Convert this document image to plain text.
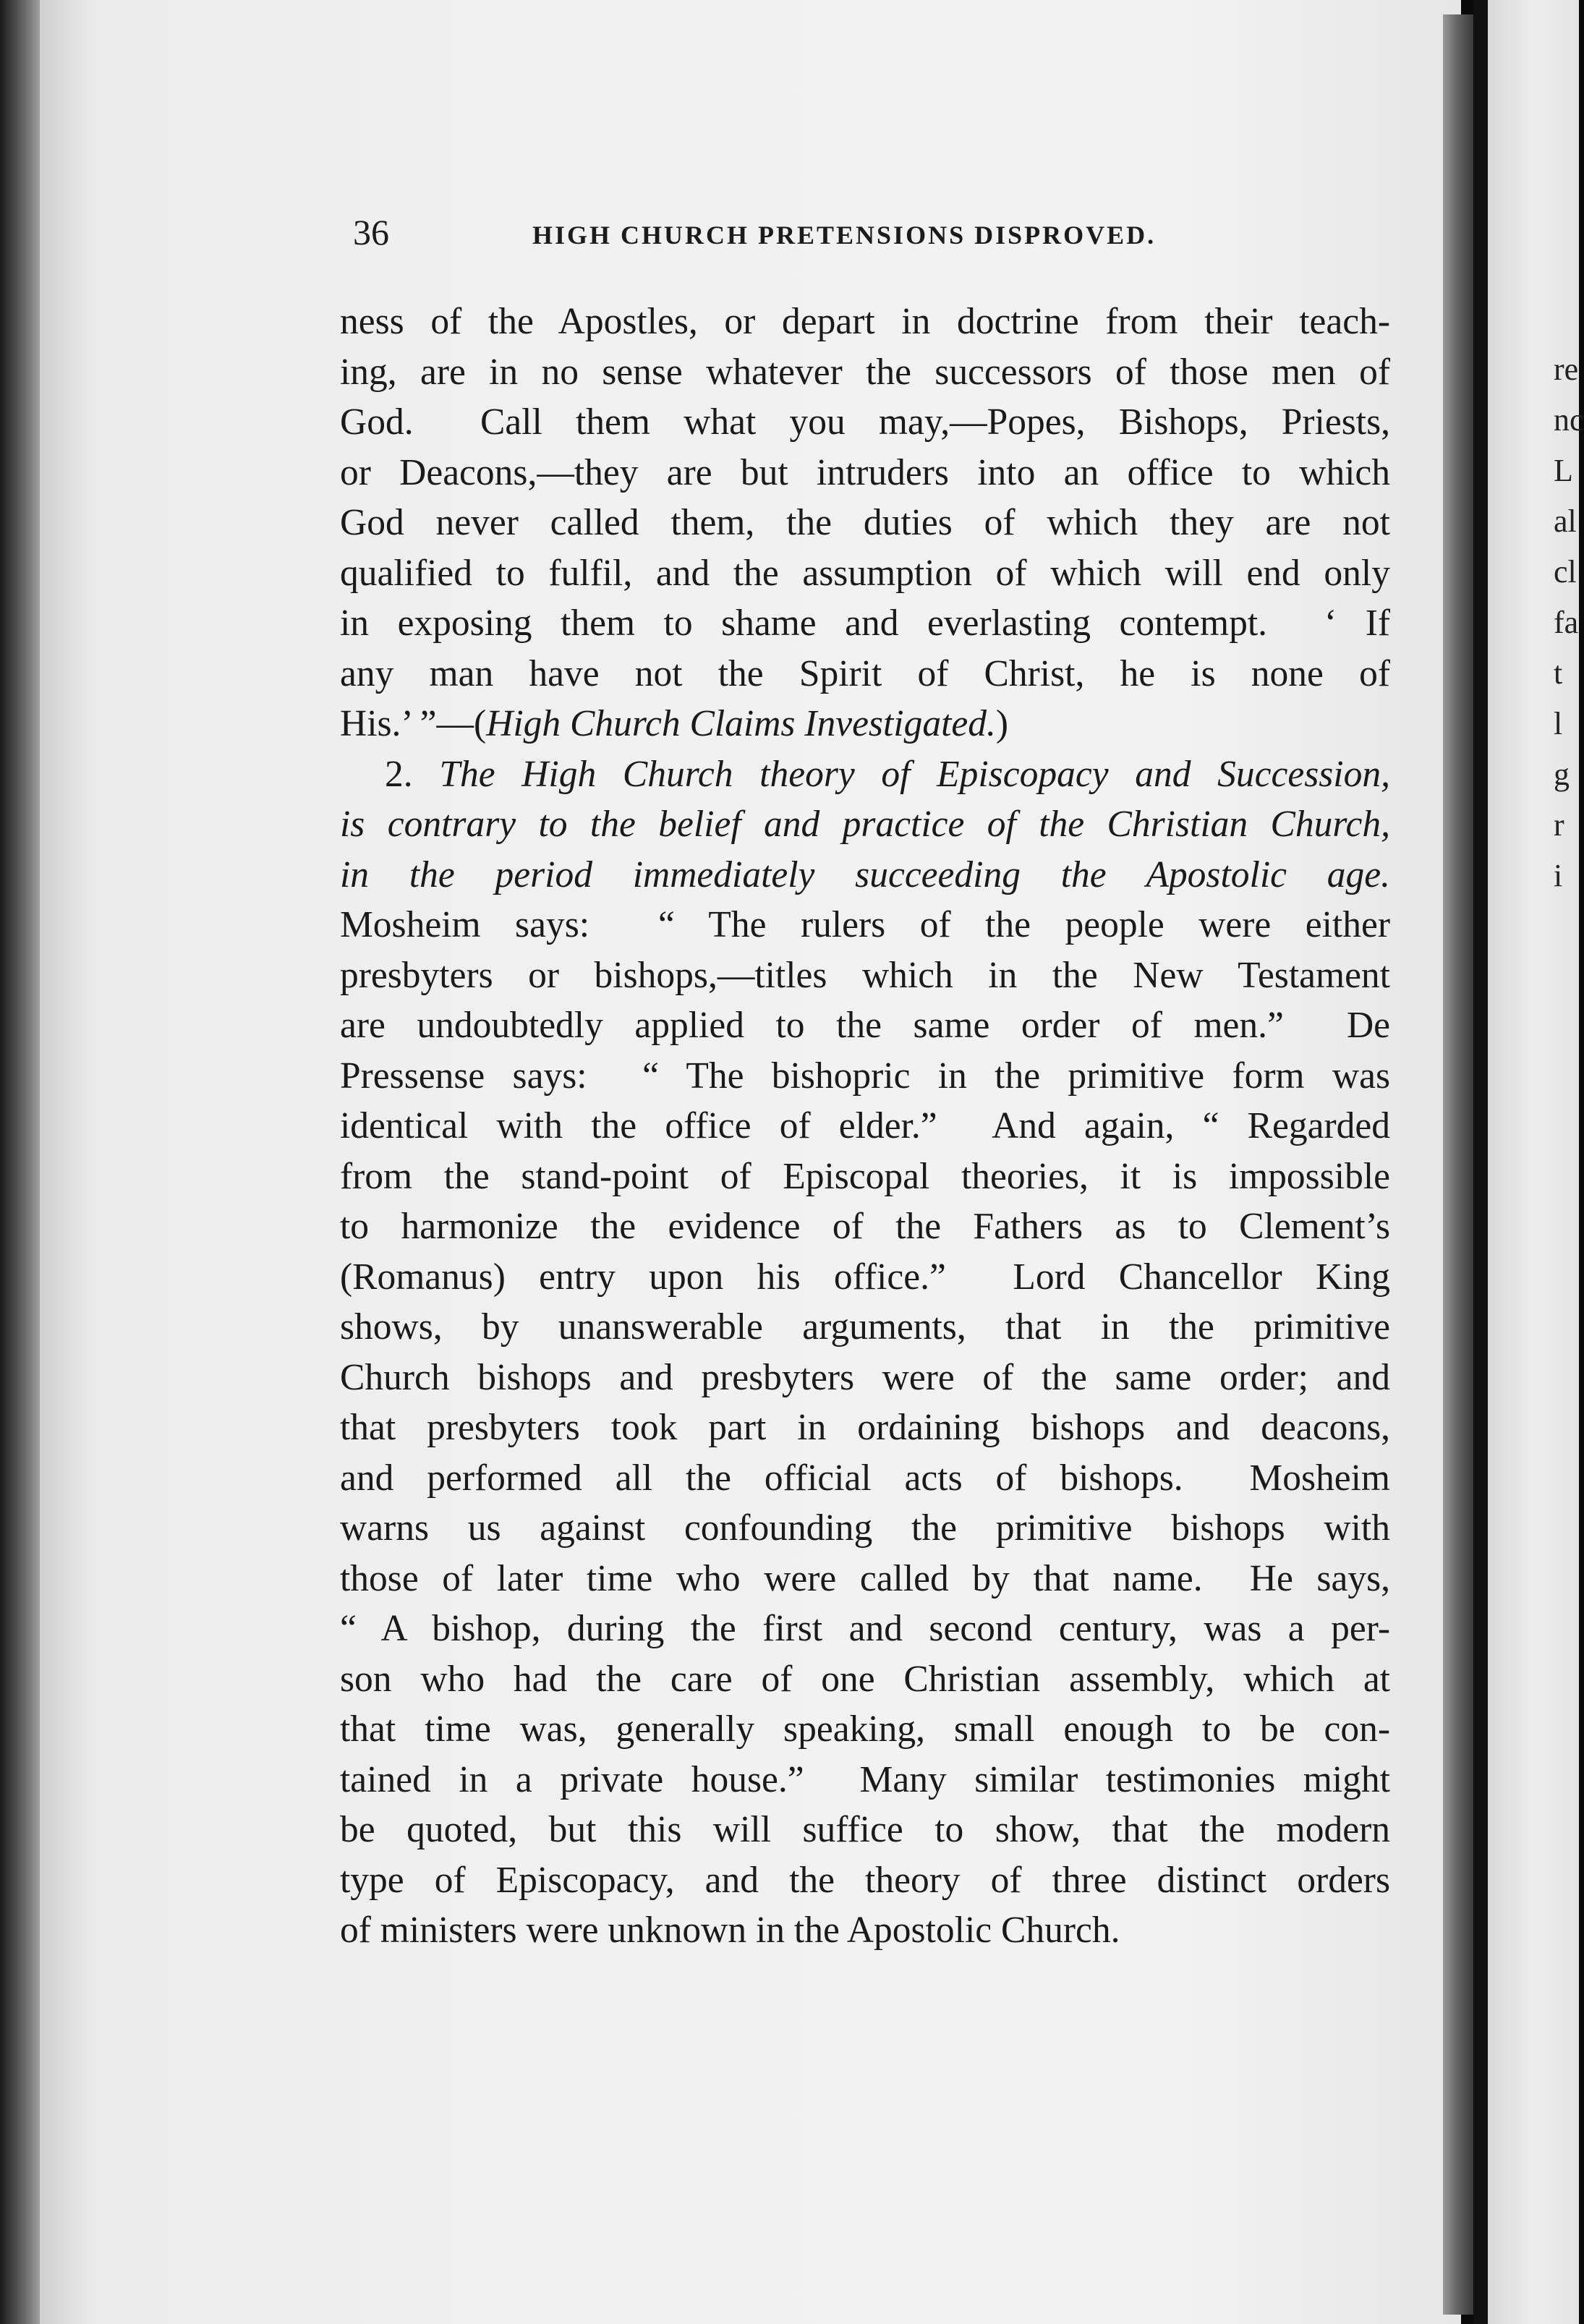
36	HIGH CHURCH PRETENSIONS DISPROVED.
ness of the Apostles, or depart in doctrine from their teach-
ing, are in no sense whatever the successors of those men of
God.  Call them what you may,—Popes, Bishops, Priests,
or Deacons,—they are but intruders into an office to which
God never called them, the duties of which they are not
qualified to fulfil, and the assumption of which will end only
in exposing them to shame and everlasting contempt.  ‘ If
any man have not the Spirit of Christ, he is none of
His.’ ”—(High Church Claims Investigated.)
2. The High Church theory of Episcopacy and Succession,
is contrary to the belief and practice of the Christian Church,
in the period immediately succeeding the Apostolic age.
Mosheim says:  “ The rulers of the people were either
presbyters or bishops,—titles which in the New Testament
are undoubtedly applied to the same order of men.”  De
Pressense says:  “ The bishopric in the primitive form was
identical with the office of elder.”  And again, “ Regarded
from the stand-point of Episcopal theories, it is impossible
to harmonize the evidence of the Fathers as to Clement’s
(Romanus) entry upon his office.”  Lord Chancellor King
shows, by unanswerable arguments, that in the primitive
Church bishops and presbyters were of the same order; and
that presbyters took part in ordaining bishops and deacons,
and performed all the official acts of bishops.  Mosheim
warns us against confounding the primitive bishops with
those of later time who were called by that name.  He says,
“ A bishop, during the first and second century, was a per-
son who had the care of one Christian assembly, which at
that time was, generally speaking, small enough to be con-
tained in a private house.”  Many similar testimonies might
be quoted, but this will suffice to show, that the modern
type of Episcopacy, and the theory of three distinct orders
of ministers were unknown in the Apostolic Church.
re
nc
L
al
cl
fa
t
l
g
r
i
